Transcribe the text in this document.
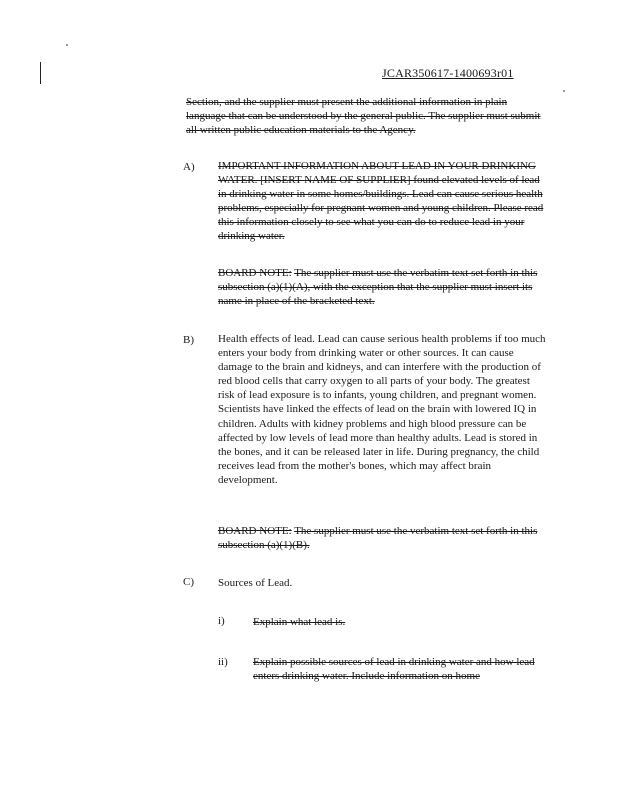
JCAR350617-1400693r01

Section, and the supplier must present the additional information in plain language that can be understood by the general public. The supplier must submit all written public education materials to the Agency.

A) IMPORTANT INFORMATION ABOUT LEAD IN YOUR DRINKING WATER. [INSERT NAME OF SUPPLIER] found elevated levels of lead in drinking water in some homes/buildings. Lead can cause serious health problems, especially for pregnant women and young children. Please read this information closely to see what you can do to reduce lead in your drinking water.

BOARD NOTE: The supplier must use the verbatim text set forth in this subsection (a)(1)(A), with the exception that the supplier must insert its name in place of the bracketed text.

B) Health effects of lead. Lead can cause serious health problems if too much enters your body from drinking water or other sources. It can cause damage to the brain and kidneys, and can interfere with the production of red blood cells that carry oxygen to all parts of your body. The greatest risk of lead exposure is to infants, young children, and pregnant women. Scientists have linked the effects of lead on the brain with lowered IQ in children. Adults with kidney problems and high blood pressure can be affected by low levels of lead more than healthy adults. Lead is stored in the bones, and it can be released later in life. During pregnancy, the child receives lead from the mother's bones, which may affect brain development.

BOARD NOTE: The supplier must use the verbatim text set forth in this subsection (a)(1)(B).

C) Sources of Lead.
i)	Explain what lead is.

ii) Explain possible sources of lead in drinking water and how lead enters drinking water. Include information on home
